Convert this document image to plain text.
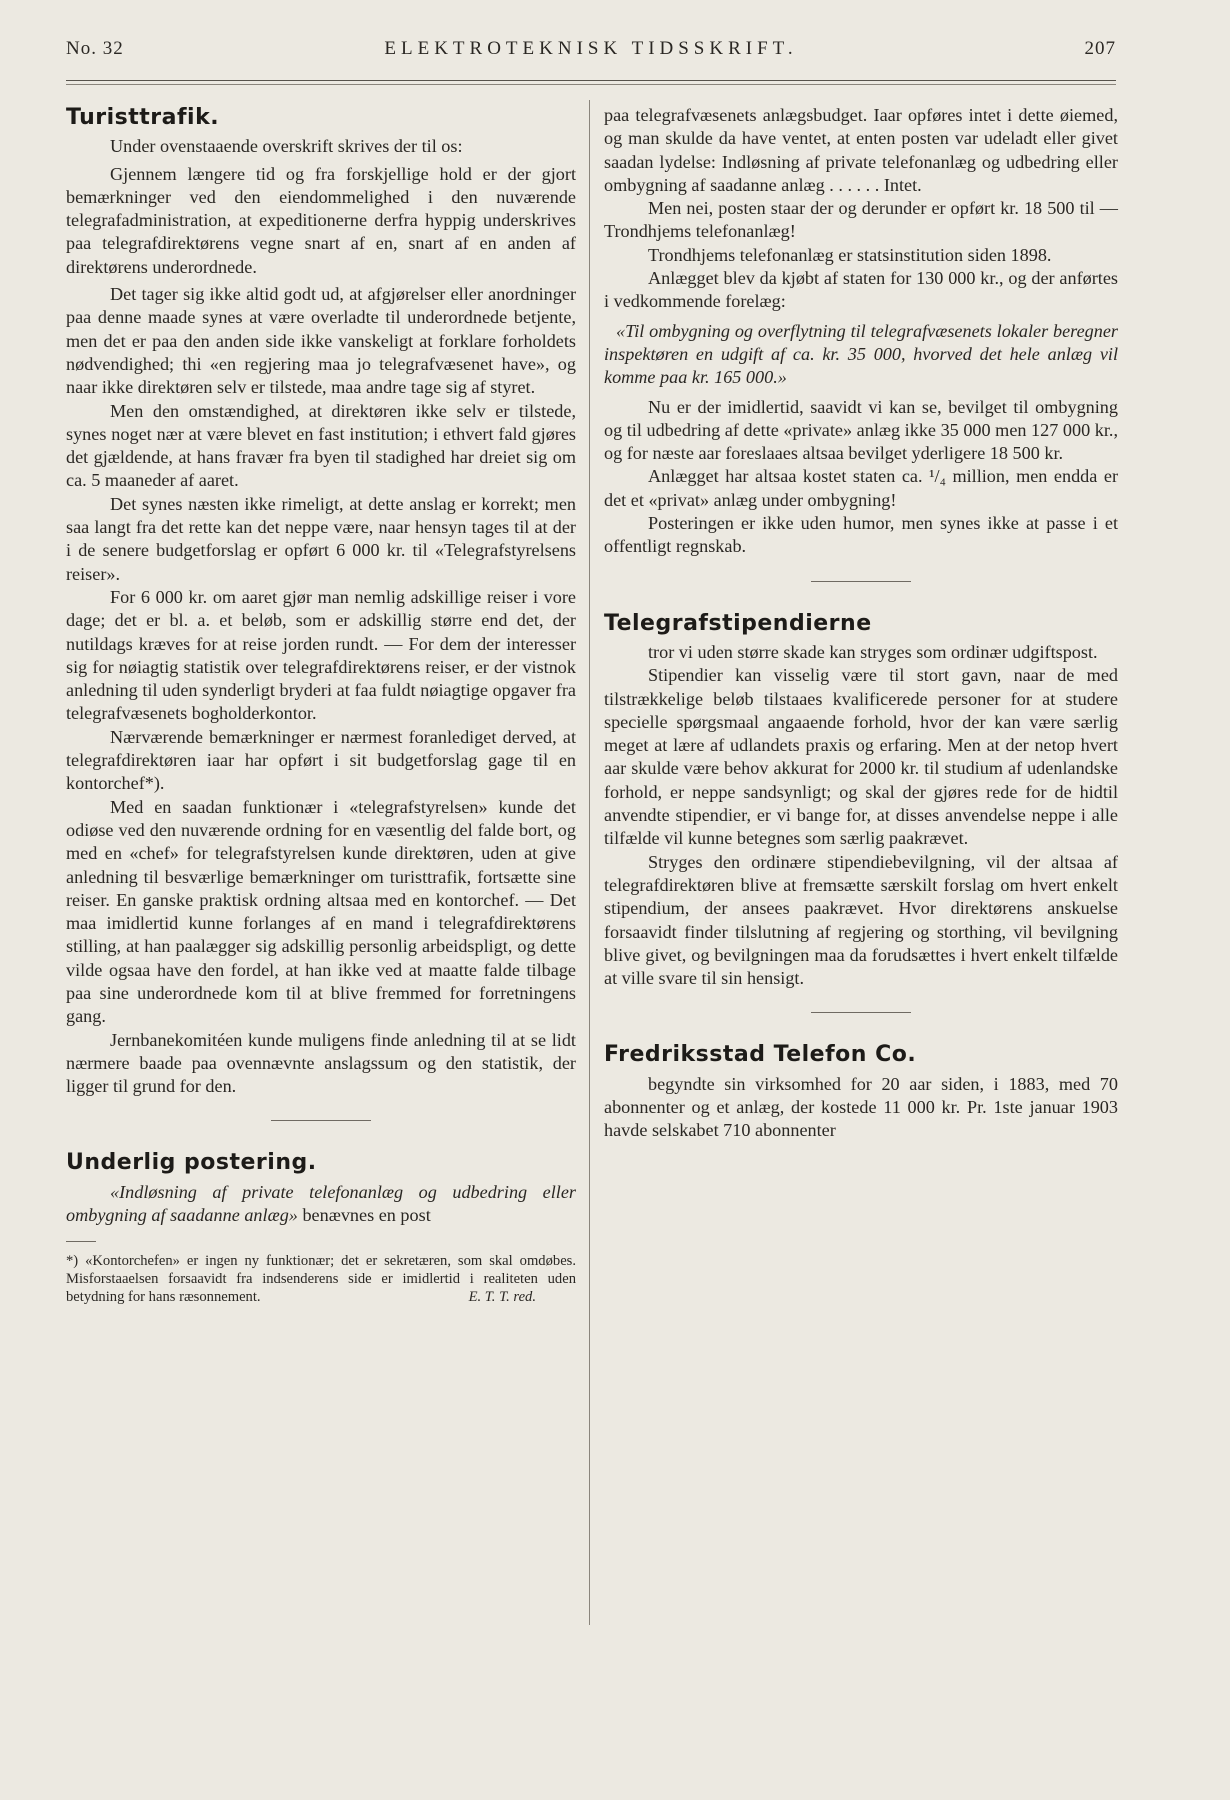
No. 32	ELEKTROTEKNISK TIDSSKRIFT.	207
Turisttrafik.

Under ovenstaaende overskrift skrives der til os:

Gjennem længere tid og fra forskjellige hold er der gjort bemærkninger ved den eiendommelighed i den nuværende telegrafadministration, at expeditionerne derfra hyppig underskrives paa telegrafdirektørens vegne snart af en, snart af en anden af direktørens underordnede.

Det tager sig ikke altid godt ud, at afgjørelser eller anordninger paa denne maade synes at være overladte til underordnede betjente, men det er paa den anden side ikke vanskeligt at forklare forholdets nødvendighed; thi «en regjering maa jo telegrafvæsenet have», og naar ikke direktøren selv er tilstede, maa andre tage sig af styret.

Men den omstændighed, at direktøren ikke selv er tilstede, synes noget nær at være blevet en fast institution; i ethvert fald gjøres det gjældende, at hans fravær fra byen til stadighed har dreiet sig om ca. 5 maaneder af aaret.

Det synes næsten ikke rimeligt, at dette anslag er korrekt; men saa langt fra det rette kan det neppe være, naar hensyn tages til at der i de senere budgetforslag er opført 6 000 kr. til «Telegrafstyrelsens reiser».

For 6 000 kr. om aaret gjør man nemlig adskillige reiser i vore dage; det er bl. a. et beløb, som er adskillig større end det, der nutildags kræves for at reise jorden rundt. — For dem der interesser sig for nøiagtig statistik over telegrafdirektørens reiser, er der vistnok anledning til uden synderligt bryderi at faa fuldt nøiagtige opgaver fra telegrafvæsenets bogholderkontor.

Nærværende bemærkninger er nærmest foranlediget derved, at telegrafdirektøren iaar har opført i sit budgetforslag gage til en kontorchef*).

Med en saadan funktionær i «telegrafstyrelsen» kunde det odiøse ved den nuværende ordning for en væsentlig del falde bort, og med en «chef» for telegrafstyrelsen kunde direktøren, uden at give anledning til besværlige bemærkninger om turisttrafik, fortsætte sine reiser. En ganske praktisk ordning altsaa med en kontorchef. — Det maa imidlertid kunne forlanges af en mand i telegrafdirektørens stilling, at han paalægger sig adskillig personlig arbeidspligt, og dette vilde ogsaa have den fordel, at han ikke ved at maatte falde tilbage paa sine underordnede kom til at blive fremmed for forretningens gang.

Jernbanekomitéen kunde muligens finde anledning til at se lidt nærmere baade paa ovennævnte anslagssum og den statistik, der ligger til grund for den.

Underlig postering.

«Indløsning af private telefonanlæg og udbedring eller ombygning af saadanne anlæg» benævnes en post

*) «Kontorchefen» er ingen ny funktionær; det er sekretæren, som skal omdøbes. Misforstaaelsen forsaavidt fra indsenderens side er imidlertid i realiteten uden betydning for hans ræsonnement.	E. T. T. red.

paa telegrafvæsenets anlægsbudget. Iaar opføres intet i dette øiemed, og man skulde da have ventet, at enten posten var udeladt eller givet saadan lydelse: Indløsning af private telefonanlæg og udbedring eller ombygning af saadanne anlæg . . . . . . Intet.

Men nei, posten staar der og derunder er opført kr. 18 500 til — Trondhjems telefonanlæg!

Trondhjems telefonanlæg er statsinstitution siden 1898.

Anlægget blev da kjøbt af staten for 130 000 kr., og der anførtes i vedkommende forelæg:

«Til ombygning og overflytning til telegrafvæsenets lokaler beregner inspektøren en udgift af ca. kr. 35 000, hvorved det hele anlæg vil komme paa kr. 165 000.»

Nu er der imidlertid, saavidt vi kan se, bevilget til ombygning og til udbedring af dette «private» anlæg ikke 35 000 men 127 000 kr., og for næste aar foreslaaes altsaa bevilget yderligere 18 500 kr.

Anlægget har altsaa kostet staten ca. ¹/₄ million, men endda er det et «privat» anlæg under ombygning!

Posteringen er ikke uden humor, men synes ikke at passe i et offentligt regnskab.

Telegrafstipendierne

tror vi uden større skade kan stryges som ordinær udgiftspost.

Stipendier kan visselig være til stort gavn, naar de med tilstrækkelige beløb tilstaaes kvalificerede personer for at studere specielle spørgsmaal angaaende forhold, hvor der kan være særlig meget at lære af udlandets praxis og erfaring. Men at der netop hvert aar skulde være behov akkurat for 2000 kr. til studium af udenlandske forhold, er neppe sandsynligt; og skal der gjøres rede for de hidtil anvendte stipendier, er vi bange for, at disses anvendelse neppe i alle tilfælde vil kunne betegnes som særlig paakrævet.

Stryges den ordinære stipendiebevilgning, vil der altsaa af telegrafdirektøren blive at fremsætte særskilt forslag om hvert enkelt stipendium, der ansees paakrævet. Hvor direktørens anskuelse forsaavidt finder tilslutning af regjering og storthing, vil bevilgning blive givet, og bevilgningen maa da forudsættes i hvert enkelt tilfælde at ville svare til sin hensigt.

Fredriksstad Telefon Co.

begyndte sin virksomhed for 20 aar siden, i 1883, med 70 abonnenter og et anlæg, der kostede 11 000 kr. Pr. 1ste januar 1903 havde selskabet 710 abonnenter
